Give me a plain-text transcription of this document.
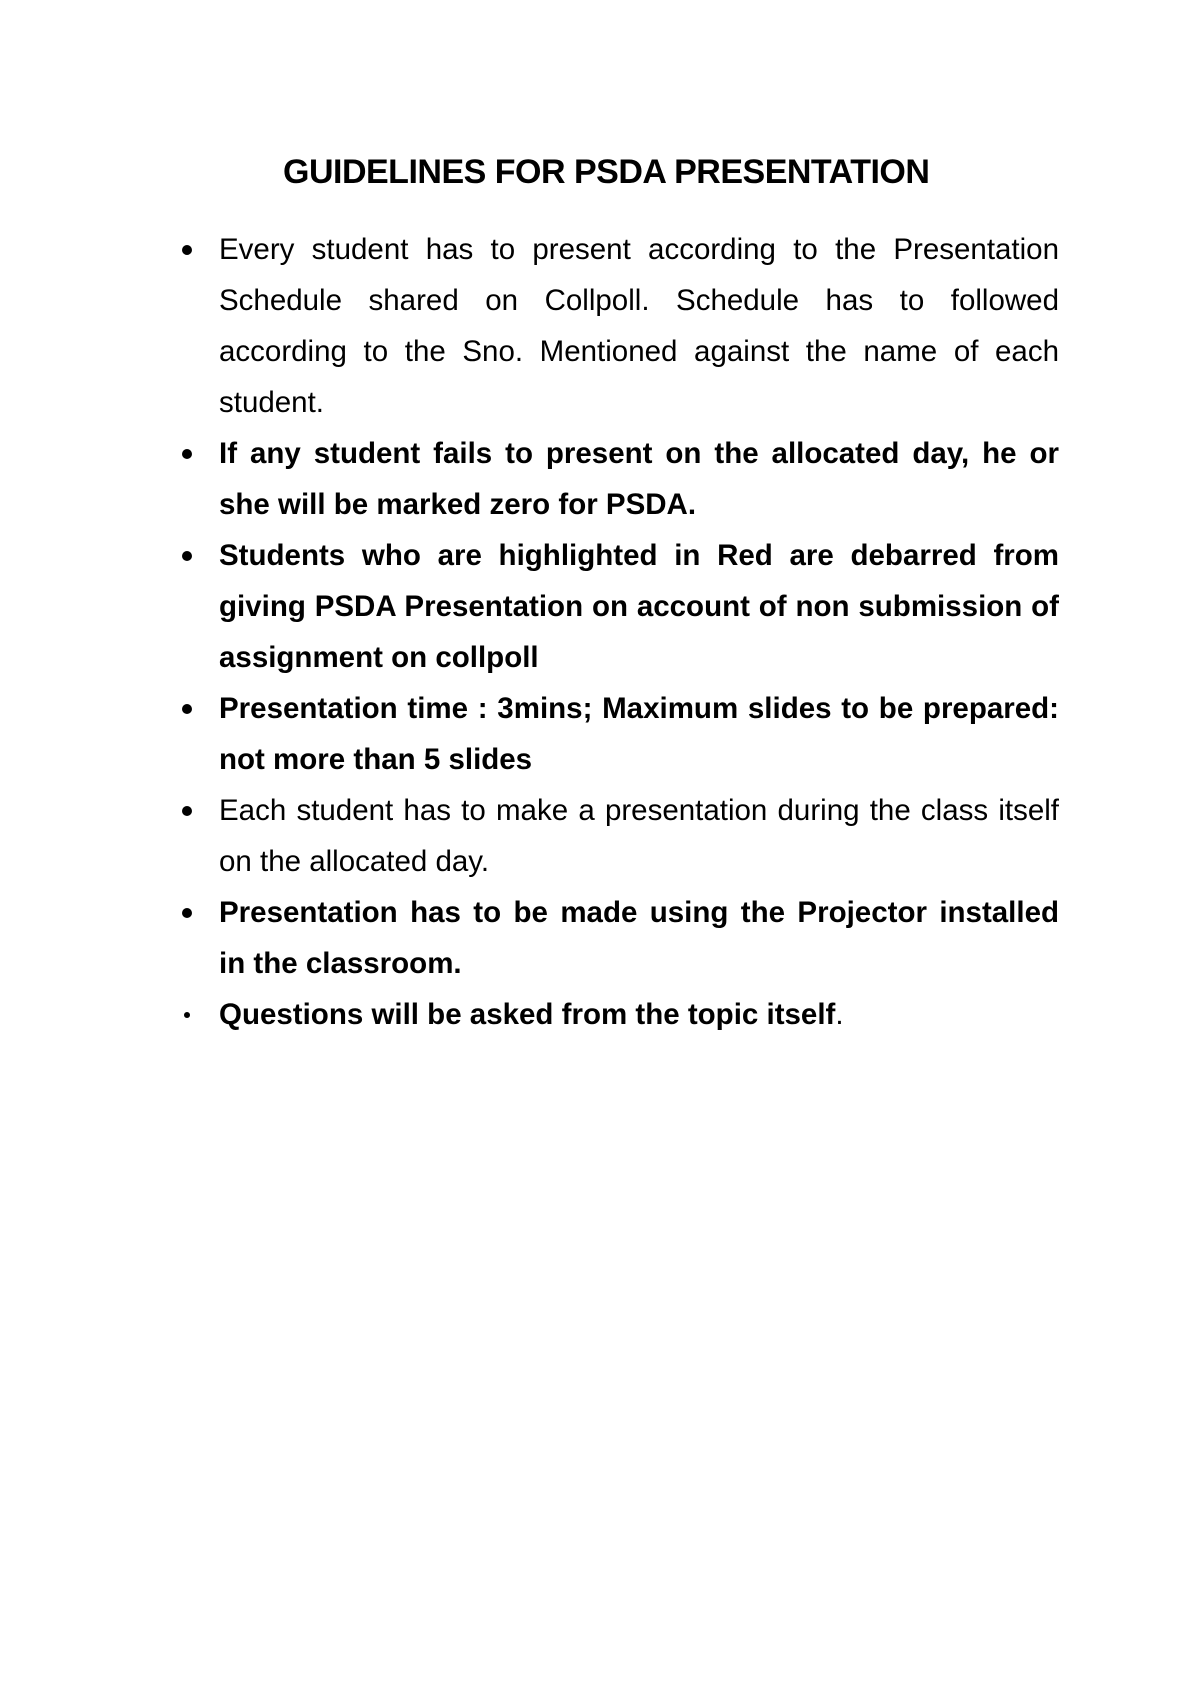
GUIDELINES FOR PSDA PRESENTATION
Every student has to present according to the Presentation Schedule shared on Collpoll. Schedule has to followed according to the Sno. Mentioned against the name of each student.
If any student fails to present on the allocated day, he or she will be marked zero for PSDA.
Students who are highlighted in Red are debarred from giving PSDA Presentation on account of non submission of assignment on collpoll
Presentation time : 3mins; Maximum slides to be prepared: not more than 5 slides
Each student has to make a presentation during the class itself on the allocated day.
Presentation has to be made using the Projector installed in the classroom.
Questions will be asked from the topic itself.
